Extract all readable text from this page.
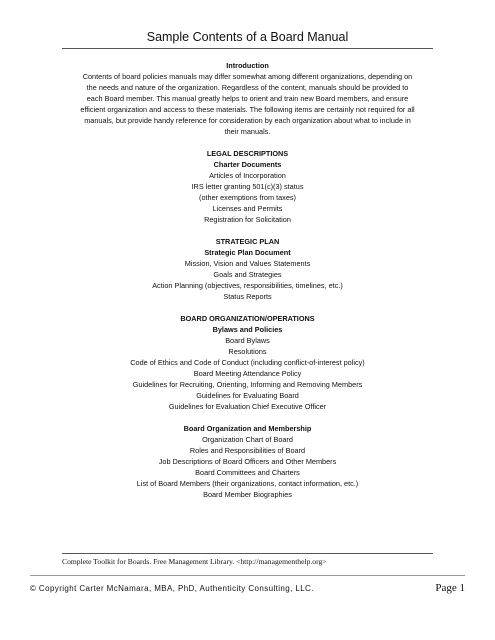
Sample Contents of a Board Manual
Introduction
Contents of board policies manuals may differ somewhat among different organizations, depending on
the needs and nature of the organization. Regardless of the content, manuals should be provided to
each Board member. This manual greatly helps to orient and train new Board members, and ensure
efficient organization and access to these materials. The following items are certainly not required for all
manuals, but provide handy reference for consideration by each organization about what to include in
their manuals.
LEGAL DESCRIPTIONS
Charter Documents
Articles of Incorporation
IRS letter granting 501(c)(3) status
(other exemptions from taxes)
Licenses and Permits
Registration for Solicitation
STRATEGIC PLAN
Strategic Plan Document
Mission, Vision and Values Statements
Goals and Strategies
Action Planning (objectives, responsibilities, timelines, etc.)
Status Reports
BOARD ORGANIZATION/OPERATIONS
Bylaws and Policies
Board Bylaws
Resolutions
Code of Ethics and Code of Conduct (including conflict-of-interest policy)
Board Meeting Attendance Policy
Guidelines for Recruiting, Orienting, Informing and Removing Members
Guidelines for Evaluating Board
Guidelines for Evaluation Chief Executive Officer
Board Organization and Membership
Organization Chart of Board
Roles and Responsibilities of Board
Job Descriptions of Board Officers and Other Members
Board Committees and Charters
List of Board Members (their organizations, contact information, etc.)
Board Member Biographies
Complete Toolkit for Boards. Free Management Library. <http://managementhelp.org>
© Copyright Carter McNamara, MBA, PhD, Authenticity Consulting, LLC.	Page 1
